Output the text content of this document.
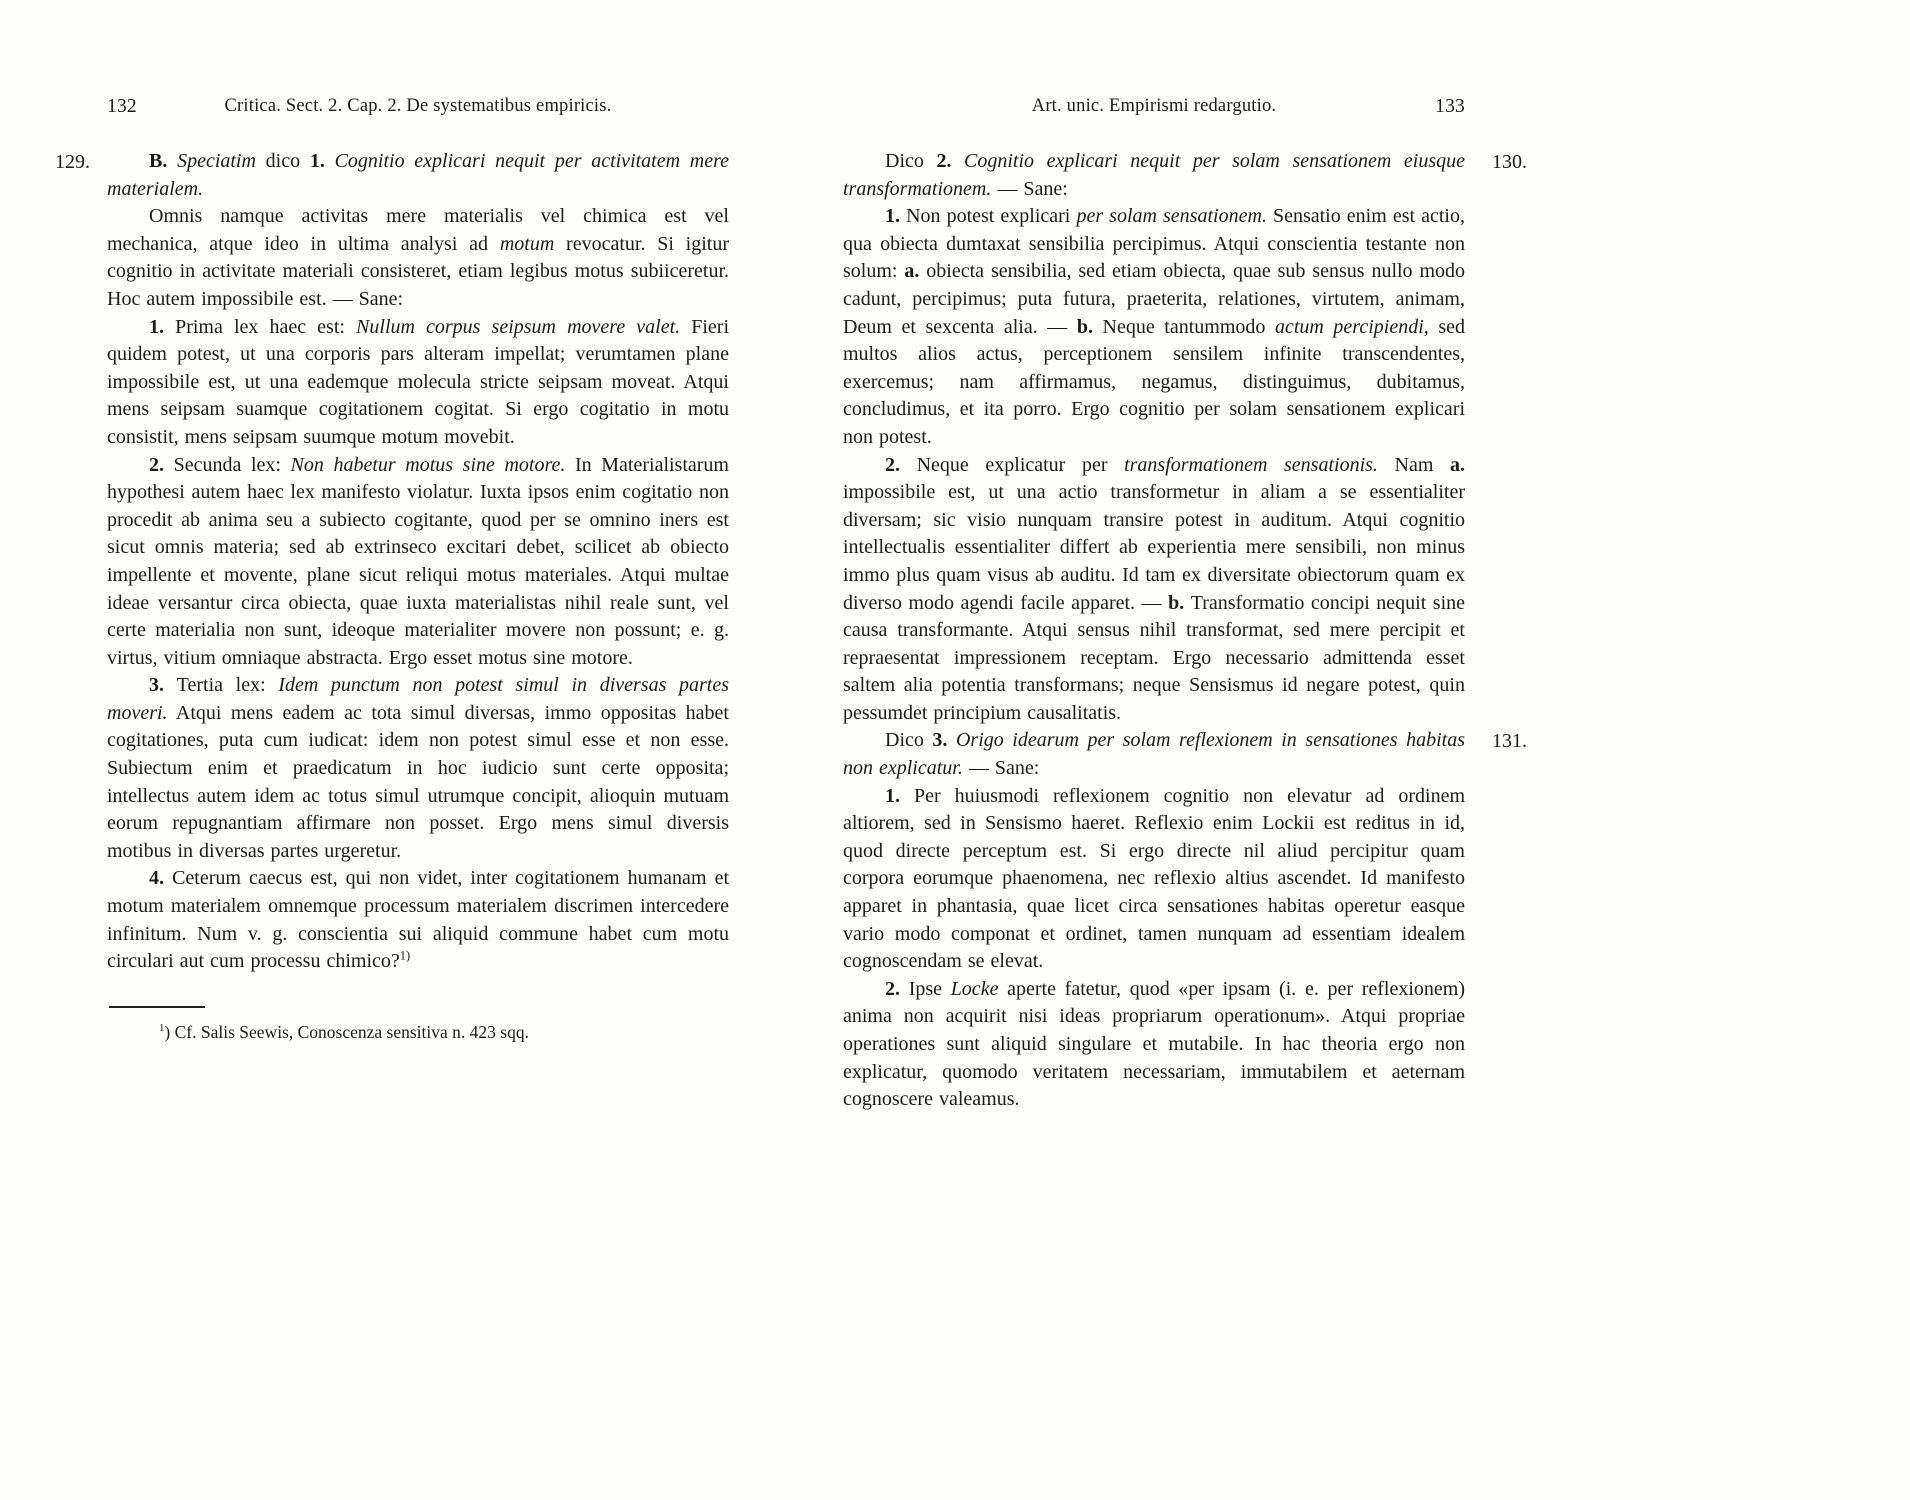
132	Critica. Sect. 2. Cap. 2. De systematibus empiricis.

129.	B. Speciatim dico 1. Cognitio explicari nequit per activitatem mere materialem.

Omnis namque activitas mere materialis vel chimica est vel mechanica, atque ideo in ultima analysi ad motum revocatur. Si igitur cognitio in activitate materiali consisteret, etiam legibus motus subiiceretur. Hoc autem impossibile est. — Sane:

1. Prima lex haec est: Nullum corpus seipsum movere valet. Fieri quidem potest, ut una corporis pars alteram impellat; verumtamen plane impossibile est, ut una eademque molecula stricte seipsam moveat. Atqui mens seipsam suamque cogitationem cogitat. Si ergo cogitatio in motu consistit, mens seipsam suumque motum movebit.

2. Secunda lex: Non habetur motus sine motore. In Materialistarum hypothesi autem haec lex manifesto violatur. Iuxta ipsos enim cogitatio non procedit ab anima seu a subiecto cogitante, quod per se omnino iners est sicut omnis materia; sed ab extrinseco excitari debet, scilicet ab obiecto impellente et movente, plane sicut reliqui motus materiales. Atqui multae ideae versantur circa obiecta, quae iuxta materialistas nihil reale sunt, vel certe materialia non sunt, ideoque materialiter movere non possunt; e. g. virtus, vitium omniaque abstracta. Ergo esset motus sine motore.

3. Tertia lex: Idem punctum non potest simul in diversas partes moveri. Atqui mens eadem ac tota simul diversas, immo oppositas habet cogitationes, puta cum iudicat: idem non potest simul esse et non esse. Subiectum enim et praedicatum in hoc iudicio sunt certe opposita; intellectus autem idem ac totus simul utrumque concipit, alioquin mutuam eorum repugnantiam affirmare non posset. Ergo mens simul diversis motibus in diversas partes urgeretur.

4. Ceterum caecus est, qui non videt, inter cogitationem humanam et motum materialem omnemque processum materialem discrimen intercedere infinitum. Num v. g. conscientia sui aliquid commune habet cum motu circulari aut cum processu chimico?$^{1)}$

$^1$) Cf. Salis Seewis, Conoscenza sensitiva n. 423 sqq.
133
Art. unic. Empirismi redargutio.

130.
Dico 2. Cognitio explicari nequit per solam sensationem eiusque transformationem. — Sane:

1. Non potest explicari per solam sensationem. Sensatio enim est actio, qua obiecta dumtaxat sensibilia percipimus. Atqui conscientia testante non solum: a. obiecta sensibilia, sed etiam obiecta, quae sub sensus nullo modo cadunt, percipimus; puta futura, praeterita, relationes, virtutem, animam, Deum et sexcenta alia. — b. Neque tantummodo actum percipiendi, sed multos alios actus, perceptionem sensilem infinite transcendentes, exercemus; nam affirmamus, negamus, distinguimus, dubitamus, concludimus, et ita porro. Ergo cognitio per solam sensationem explicari non potest.

2. Neque explicatur per transformationem sensationis. Nam a. impossibile est, ut una actio transformetur in aliam a se essentialiter diversam; sic visio nunquam transire potest in auditum. Atqui cognitio intellectualis essentialiter differt ab experientia mere sensibili, non minus immo plus quam visus ab auditu. Id tam ex diversitate obiectorum quam ex diverso modo agendi facile apparet. — b. Transformatio concipi nequit sine causa transformante. Atqui sensus nihil transformat, sed mere percipit et repraesentat impressionem receptam. Ergo necessario admittenda esset saltem alia potentia transformans; neque Sensismus id negare potest, quin pessumdet principium causalitatis.

131.
Dico 3. Origo idearum per solam reflexionem in sensationes habitas non explicatur. — Sane:

1. Per huiusmodi reflexionem cognitio non elevatur ad ordinem altiorem, sed in Sensismo haeret. Reflexio enim Lockii est reditus in id, quod directe perceptum est. Si ergo directe nil aliud percipitur quam corpora eorumque phaenomena, nec reflexio altius ascendet. Id manifesto apparet in phantasia, quae licet circa sensationes habitas operetur easque vario modo componat et ordinet, tamen nunquam ad essentiam idealem cognoscendam se elevat.

2. Ipse Locke aperte fatetur, quod «per ipsam (i. e. per reflexionem) anima non acquirit nisi ideas propriarum operationum». Atqui propriae operationes sunt aliquid singulare et mutabile. In hac theoria ergo non explicatur, quomodo veritatem necessariam, immutabilem et aeternam cognoscere valeamus.
